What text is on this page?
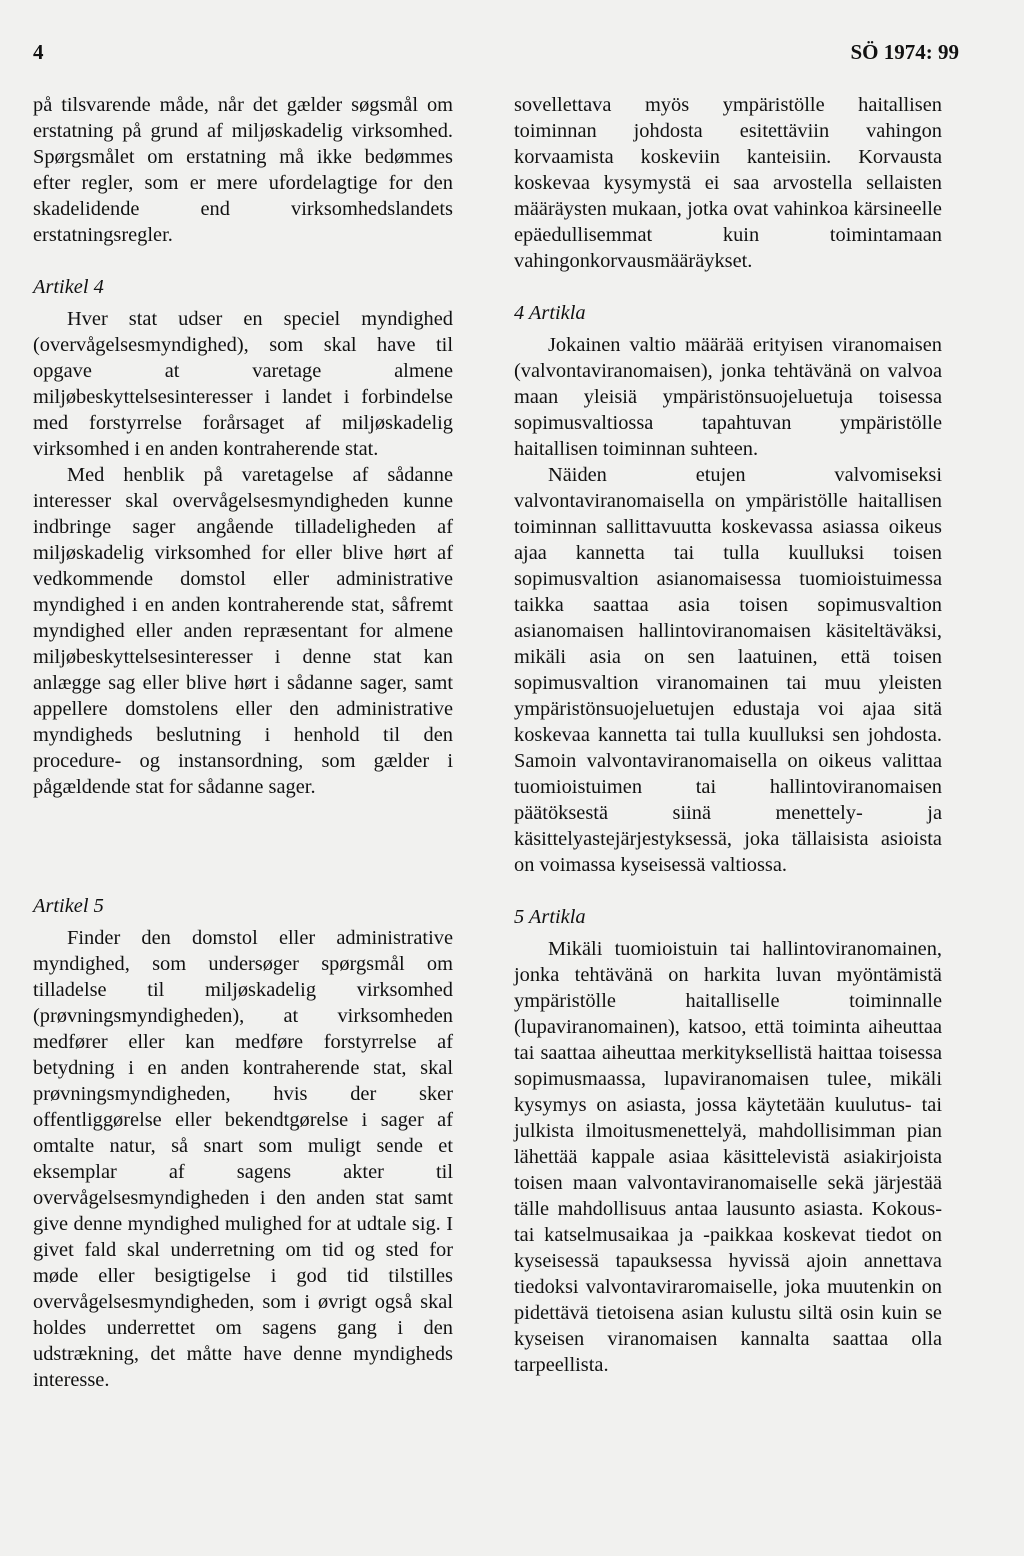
4	SÖ 1974: 99

på tilsvarende måde, når det gælder søgsmål om erstatning på grund af miljøskadelig virksomhed. Spørgsmålet om erstatning må ikke bedømmes efter regler, som er mere ufordelagtige for den skadelidende end virksomhedslandets erstatningsregler.

Artikel 4

Hver stat udser en speciel myndighed (overvågelsesmyndighed), som skal have til opgave at varetage almene miljøbeskyttelsesinteresser i landet i forbindelse med forstyrrelse forårsaget af miljøskadelig virksomhed i en anden kontraherende stat.

Med henblik på varetagelse af sådanne interesser skal overvågelsesmyndigheden kunne indbringe sager angående tilladeligheden af miljøskadelig virksomhed for eller blive hørt af vedkommende domstol eller administrative myndighed i en anden kontraherende stat, såfremt myndighed eller anden repræsentant for almene miljøbeskyttelsesinteresser i denne stat kan anlægge sag eller blive hørt i sådanne sager, samt appellere domstolens eller den administrative myndigheds beslutning i henhold til den procedure- og instansordning, som gælder i pågældende stat for sådanne sager.

Artikel 5

Finder den domstol eller administrative myndighed, som undersøger spørgsmål om tilladelse til miljøskadelig virksomhed (prøvningsmyndigheden), at virksomheden medfører eller kan medføre forstyrrelse af betydning i en anden kontraherende stat, skal prøvningsmyndigheden, hvis der sker offentliggørelse eller bekendtgørelse i sager af omtalte natur, så snart som muligt sende et eksemplar af sagens akter til overvågelsesmyndigheden i den anden stat samt give denne myndighed mulighed for at udtale sig. I givet fald skal underretning om tid og sted for møde eller besigtigelse i god tid tilstilles overvågelsesmyndigheden, som i øvrigt også skal holdes underrettet om sagens gang i den udstrækning, det måtte have denne myndigheds interesse.

sovellettava myös ympäristölle haitallisen toiminnan johdosta esitettäviin vahingon korvaamista koskeviin kanteisiin. Korvausta koskevaa kysymystä ei saa arvostella sellaisten määräysten mukaan, jotka ovat vahinkoa kärsineelle epäedullisemmat kuin toimintamaan vahingonkorvausmääräykset.

4 Artikla

Jokainen valtio määrää erityisen viranomaisen (valvontaviranomaisen), jonka tehtävänä on valvoa maan yleisiä ympäristönsuojeluetuja toisessa sopimusvaltiossa tapahtuvan ympäristölle haitallisen toiminnan suhteen.

Näiden etujen valvomiseksi valvontaviranomaisella on ympäristölle haitallisen toiminnan sallittavuutta koskevassa asiassa oikeus ajaa kannetta tai tulla kuulluksi toisen sopimusvaltion asianomaisessa tuomioistuimessa taikka saattaa asia toisen sopimusvaltion asianomaisen hallintoviranomaisen käsiteltäväksi, mikäli asia on sen laatuinen, että toisen sopimusvaltion viranomainen tai muu yleisten ympäristönsuojeluetujen edustaja voi ajaa sitä koskevaa kannetta tai tulla kuulluksi sen johdosta. Samoin valvontaviranomaisella on oikeus valittaa tuomioistuimen tai hallintoviranomaisen päätöksestä siinä menettely- ja käsittelyastejärjestyksessä, joka tällaisista asioista on voimassa kyseisessä valtiossa.

5 Artikla

Mikäli tuomioistuin tai hallintoviranomainen, jonka tehtävänä on harkita luvan myöntämistä ympäristölle haitalliselle toiminnalle (lupaviranomainen), katsoo, että toiminta aiheuttaa tai saattaa aiheuttaa merkityksellistä haittaa toisessa sopimusmaassa, lupaviranomaisen tulee, mikäli kysymys on asiasta, jossa käytetään kuulutus- tai julkista ilmoitusmenettelyä, mahdollisimman pian lähettää kappale asiaa käsittelevistä asiakirjoista toisen maan valvontaviranomaiselle sekä järjestää tälle mahdollisuus antaa lausunto asiasta. Kokous- tai katselmusaikaa ja -paikkaa koskevat tiedot on kyseisessä tapauksessa hyvissä ajoin annettava tiedoksi valvontaviraromaiselle, joka muutenkin on pidettävä tietoisena asian kulustu siltä osin kuin se kyseisen viranomaisen kannalta saattaa olla tarpeellista.
